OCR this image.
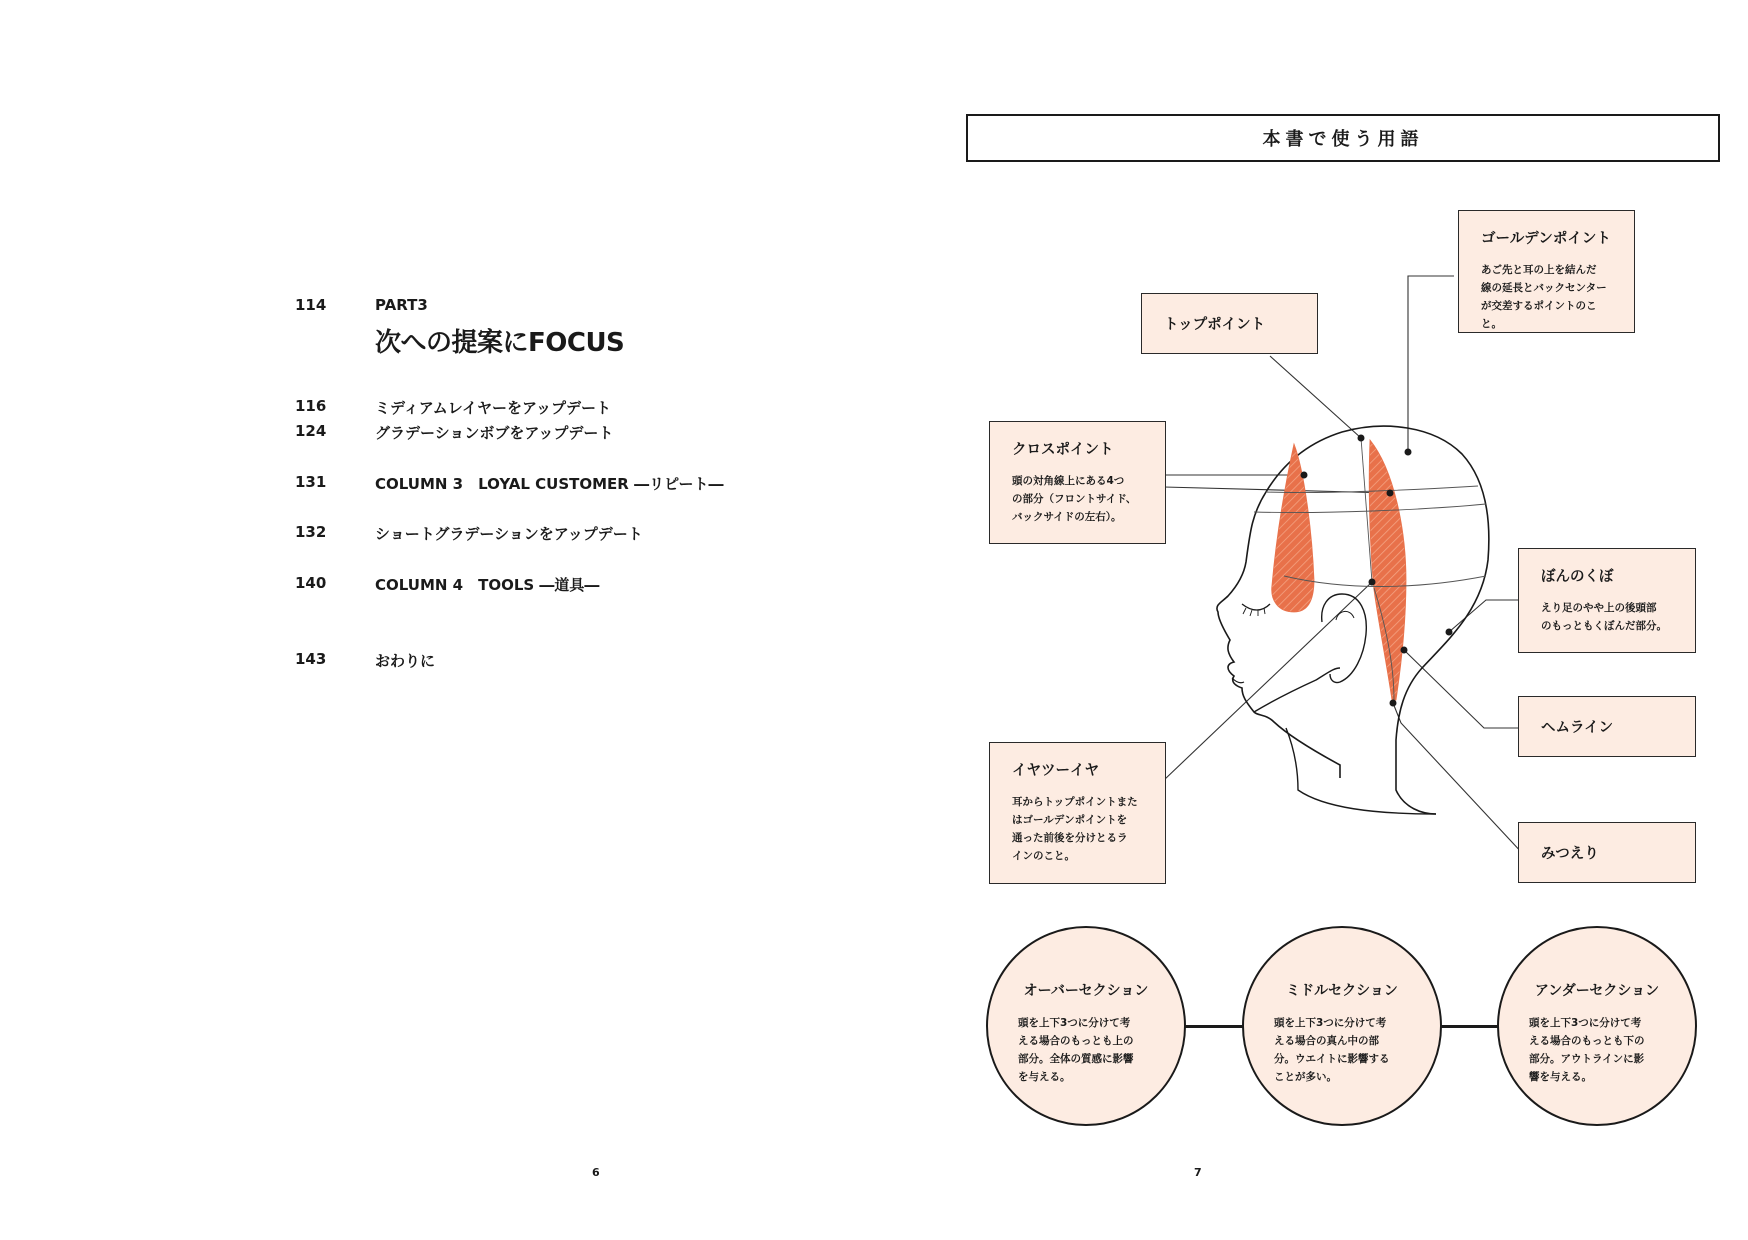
114	PART3
次への提案にFOCUS
116	ミディアムレイヤーをアップデート
124	グラデーションボブをアップデート
131	COLUMN 3　LOYAL CUSTOMER ―リピート―
132	ショートグラデーションをアップデート
140	COLUMN 4　TOOLS ―道具―
143	おわりに
6
本書で使う用語
ゴールデンポイント
あご先と耳の上を結んだ
線の延長とバックセンター
が交差するポイントのこと。
トップポイント
クロスポイント
頭の対角線上にある4つ
の部分（フロントサイド、
バックサイドの左右）。
ぼんのくぼ
えり足のやや上の後頭部
のもっともくぼんだ部分。
ヘムライン
イヤツーイヤ
耳からトップポイントまた
はゴールデンポイントを
通った前後を分けとるラ
インのこと。	みつえり
オーバーセクション
頭を上下3つに分けて考
える場合のもっとも上の
部分。全体の質感に影響
を与える。
ミドルセクション
頭を上下3つに分けて考
える場合の真ん中の部
分。ウエイトに影響する
ことが多い。
アンダーセクション
頭を上下3つに分けて考
える場合のもっとも下の
部分。アウトラインに影
響を与える。
7
